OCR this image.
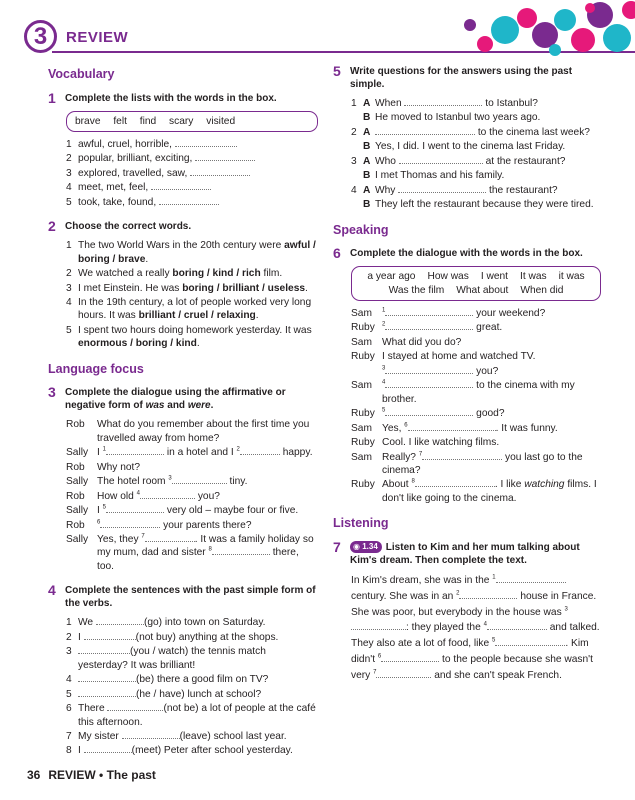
3	REVIEW
Vocabulary
1 Complete the lists with the words in the box.
brave felt find scary visited
1 awful, cruel, horrible,
2 popular, brilliant, exciting,
3 explored, travelled, saw,
4 meet, met, feel,
5 took, take, found,
2 Choose the correct words.
1 The two World Wars in the 20th century were awful / boring / brave.
2 We watched a really boring / kind / rich film.
3 I met Einstein. He was boring / brilliant / useless.
4 In the 19th century, a lot of people worked very long hours. It was brilliant / cruel / relaxing.
5 I spent two hours doing homework yesterday. It was enormous / boring / kind.
Language focus
3 Complete the dialogue using the affirmative or negative form of was and were.
Rob	What do you remember about the first time you travelled away from home?
Sally I $^1$	in a hotel and I $^2$	happy.
Rob	Why not?
Sally The hotel room $^3$	tiny.
Rob	How old $^4$	you?
Sally I $^5$	very old – maybe four or five.
Rob	$^6$	your parents there?
Sally Yes, they $^7$	. It was a family holiday so my mum, dad and sister $^8$	there, too.
4 Complete the sentences with the past simple form of the verbs.
1 We	(go) into town on Saturday.
2 I	(not buy) anything at the shops.
3	(you / watch) the tennis match yesterday? It was brilliant!
4	(be) there a good film on TV?
5	(he / have) lunch at school?
6 There	(not be) a lot of people at the café this afternoon.
7 My sister	(leave) school last year.
8 I	(meet) Peter after school yesterday.
5 Write questions for the answers using the past simple.
1 A When	to Istanbul?
B He moved to Istanbul two years ago.
2 A	to the cinema last week?
B Yes, I did. I went to the cinema last Friday.
3 A Who	at the restaurant?
B I met Thomas and his family.
4 A Why	the restaurant?
B They left the restaurant because they were tired.
Speaking
6 Complete the dialogue with the words in the box.
a year ago How was I went It was it was
Was the film What about When did
Sam	$^1$	your weekend?
Ruby	$^2$	great.
Sam What did you do?
Ruby I stayed at home and watched TV.
$^3$	you?
Sam	$^4$	to the cinema with my brother.
Ruby	$^5$	good?
Sam Yes, $^6$	. It was funny.
Ruby Cool. I like watching films.
Sam Really? $^7$	you last go to the cinema?
Ruby About $^8$	. I like watching films. I don't like going to the cinema.
Listening
7	◉ 1.34 Listen to Kim and her mum talking about Kim's dream. Then complete the text.
In Kim's dream, she was in the $^1$ century. She was in an $^2$	house in France. She was poor, but everybody in the house was $^3$: they played the $^4$	and talked. They also ate a lot of food, like $^5$	. Kim didn't $^6$	to the people because she wasn't very $^7$	and she can't speak French.
36 REVIEW • The past
